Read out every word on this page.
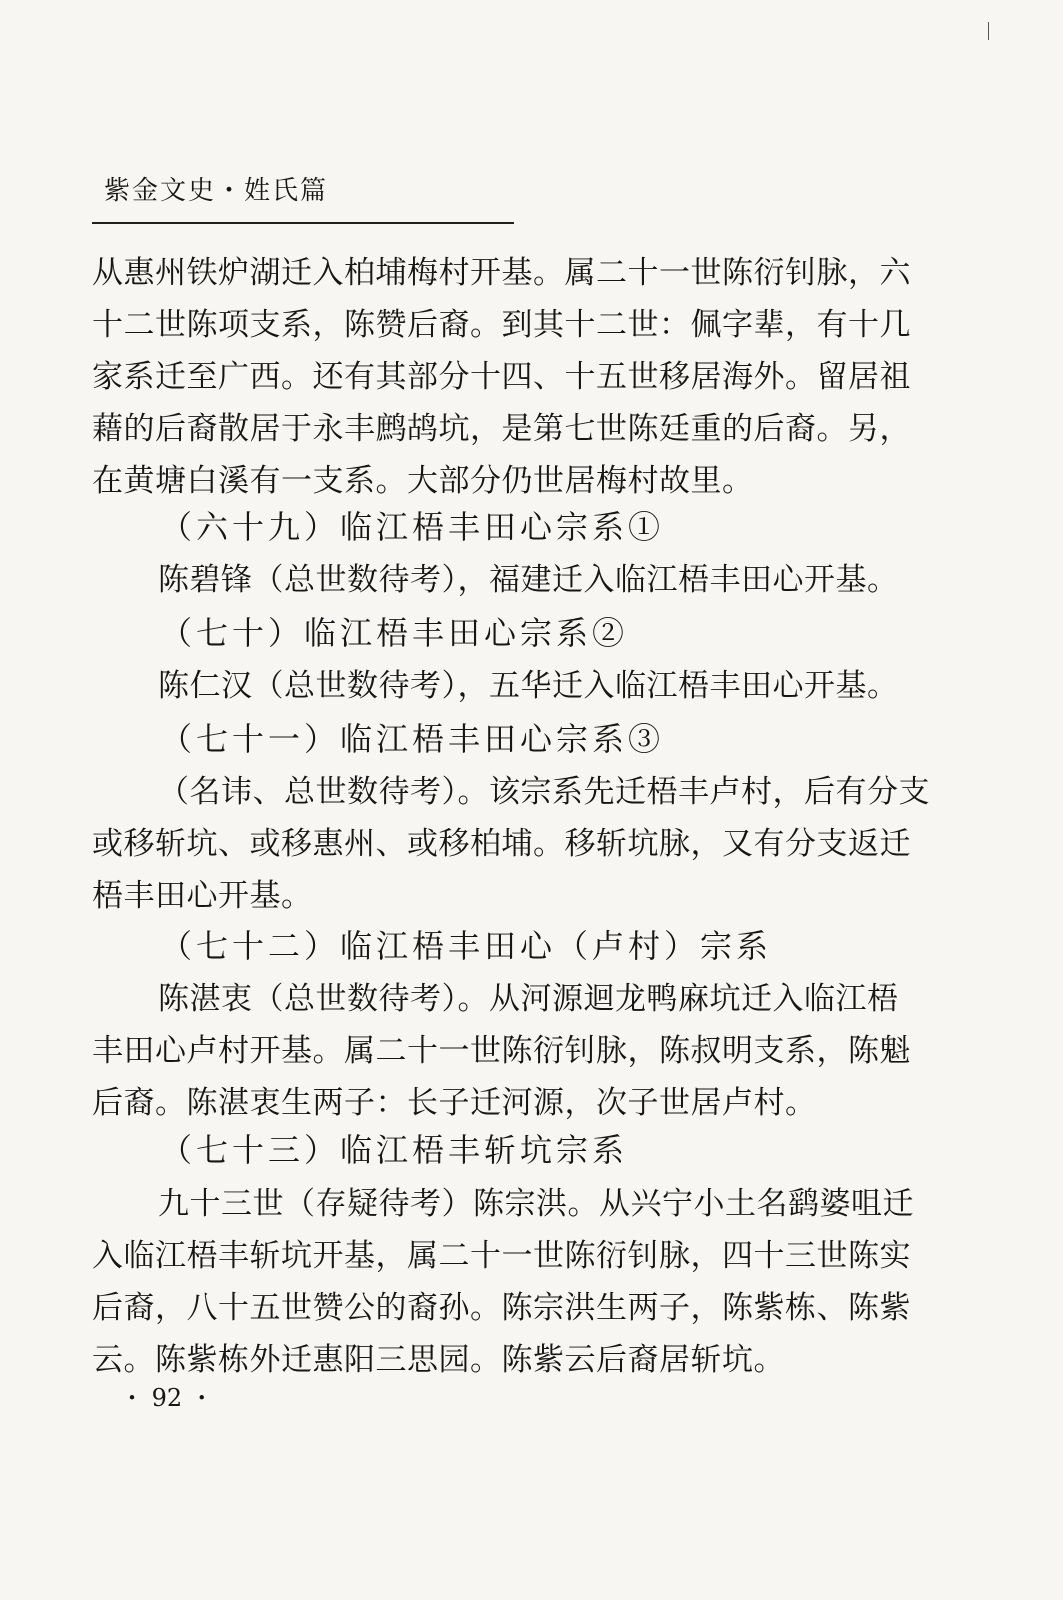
紫金文史・姓氏篇
从惠州铁炉湖迁入柏埔梅村开基。属二十一世陈衍钊脉，六
十二世陈项支系，陈赞后裔。到其十二世：佩字辈，有十几
家系迁至广西。还有其部分十四、十五世移居海外。留居祖
藉的后裔散居于永丰鹧鸪坑，是第七世陈廷重的后裔。另，
在黄塘白溪有一支系。大部分仍世居梅村故里。
（六十九）临江梧丰田心宗系①
陈碧锋（总世数待考），福建迁入临江梧丰田心开基。
（七十）临江梧丰田心宗系②
陈仁汉（总世数待考），五华迁入临江梧丰田心开基。
（七十一）临江梧丰田心宗系③
（名讳、总世数待考）。该宗系先迁梧丰卢村，后有分支
或移斩坑、或移惠州、或移柏埔。移斩坑脉，又有分支返迁
梧丰田心开基。
（七十二）临江梧丰田心（卢村）宗系
陈湛衷（总世数待考）。从河源迴龙鸭麻坑迁入临江梧
丰田心卢村开基。属二十一世陈衍钊脉，陈叔明支系，陈魁
后裔。陈湛衷生两子：长子迁河源，次子世居卢村。
（七十三）临江梧丰斩坑宗系
九十三世（存疑待考）陈宗洪。从兴宁小土名鹞婆咀迁
入临江梧丰斩坑开基，属二十一世陈衍钊脉，四十三世陈实
后裔，八十五世赞公的裔孙。陈宗洪生两子，陈紫栋、陈紫
云。陈紫栋外迁惠阳三思园。陈紫云后裔居斩坑。
・ 92 ・
